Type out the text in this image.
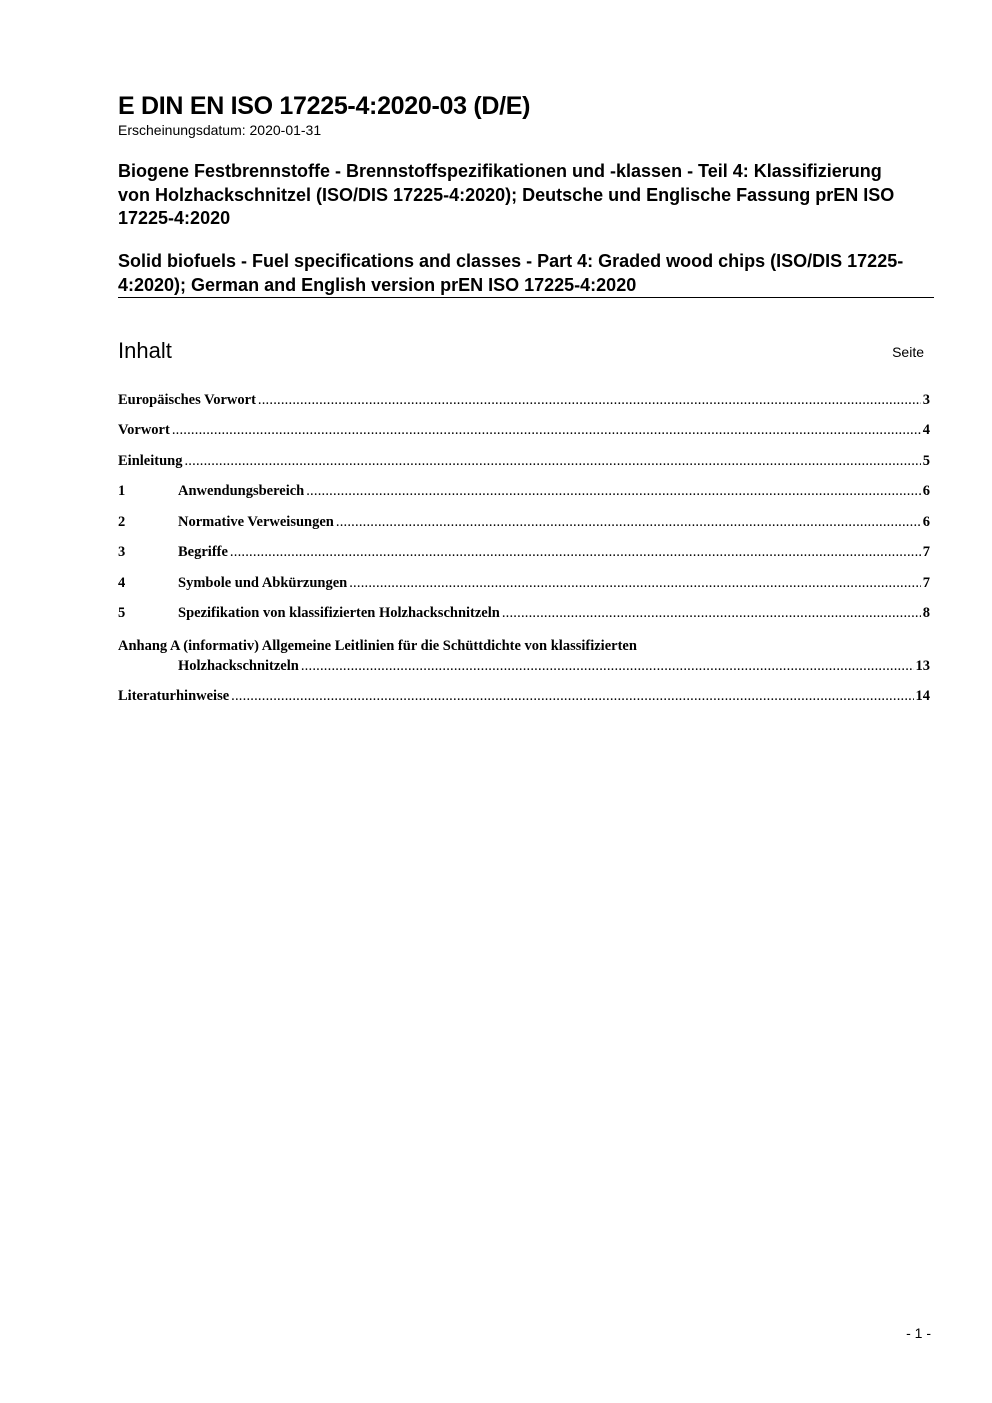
E DIN EN ISO 17225-4:2020-03 (D/E)
Erscheinungsdatum: 2020-01-31
Biogene Festbrennstoffe - Brennstoffspezifikationen und -klassen - Teil 4: Klassifizierung von Holzhackschnitzel (ISO/DIS 17225-4:2020); Deutsche und Englische Fassung prEN ISO 17225-4:2020
Solid biofuels - Fuel specifications and classes - Part 4: Graded wood chips (ISO/DIS 17225-4:2020); German and English version prEN ISO 17225-4:2020
Inhalt	Seite
Europäisches Vorwort .....	3
Vorwort .....	4
Einleitung .....	5
1	Anwendungsbereich .....	6
2	Normative Verweisungen .....	6
3	Begriffe .....	7
4	Symbole und Abkürzungen .....	7
5	Spezifikation von klassifizierten Holzhackschnitzeln .....	8
Anhang A (informativ) Allgemeine Leitlinien für die Schüttdichte von klassifizierten
Holzhackschnitzeln .....	13
Literaturhinweise .....	14
- 1 -
